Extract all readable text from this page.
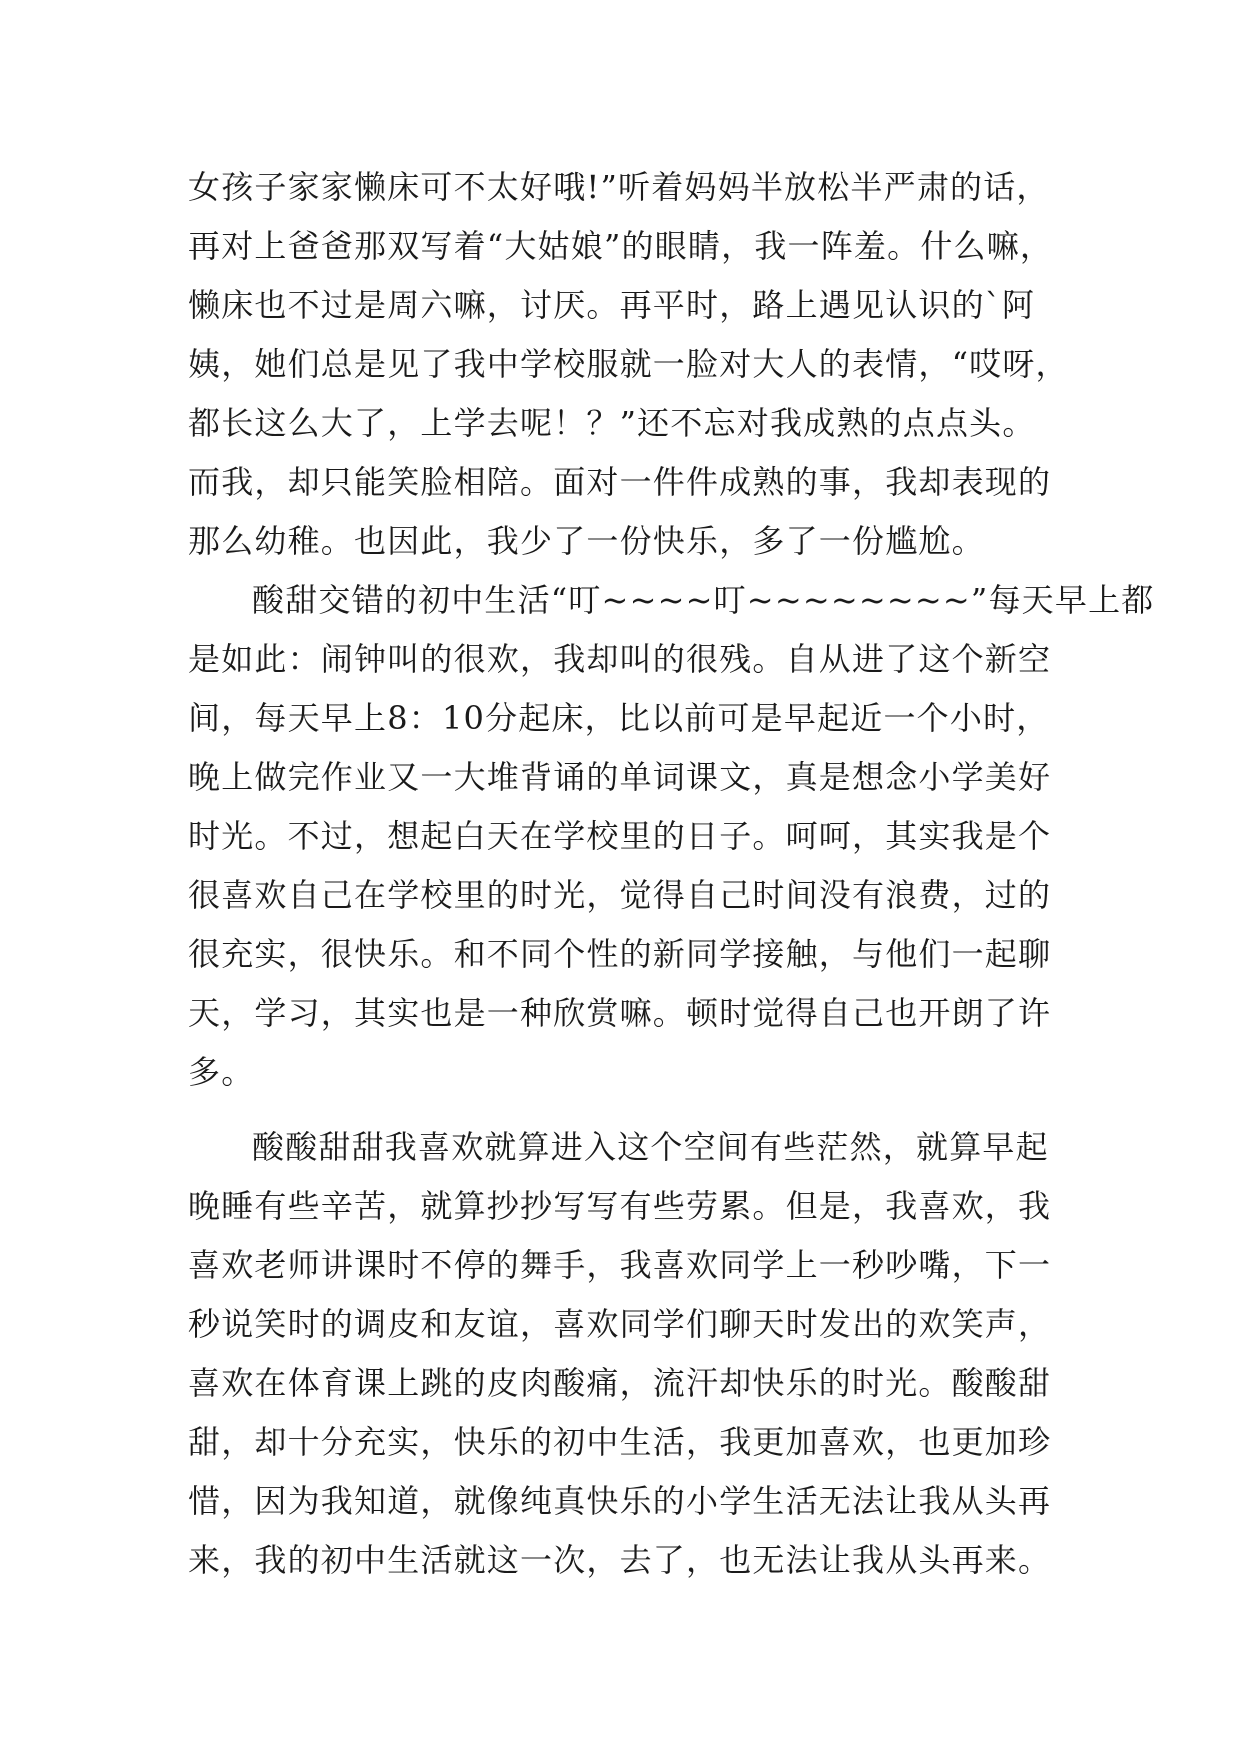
女孩子家家懒床可不太好哦!”听着妈妈半放松半严肃的话，
再对上爸爸那双写着“大姑娘”的眼睛，我一阵羞。什么嘛，
懒床也不过是周六嘛，讨厌。再平时，路上遇见认识的`阿
姨，她们总是见了我中学校服就一脸对大人的表情，“哎呀，
都长这么大了，上学去呢！？”还不忘对我成熟的点点头。
而我，却只能笑脸相陪。面对一件件成熟的事，我却表现的
那么幼稚。也因此，我少了一份快乐，多了一份尴尬。
酸甜交错的初中生活“叮~~~~叮~~~~~~~~”每天早上都
是如此：闹钟叫的很欢，我却叫的很残。自从进了这个新空
间，每天早上8：10分起床，比以前可是早起近一个小时，
晚上做完作业又一大堆背诵的单词课文，真是想念小学美好
时光。不过，想起白天在学校里的日子。呵呵，其实我是个
很喜欢自己在学校里的时光，觉得自己时间没有浪费，过的
很充实，很快乐。和不同个性的新同学接触，与他们一起聊
天，学习，其实也是一种欣赏嘛。顿时觉得自己也开朗了许
多。
酸酸甜甜我喜欢就算进入这个空间有些茫然，就算早起
晚睡有些辛苦，就算抄抄写写有些劳累。但是，我喜欢，我
喜欢老师讲课时不停的舞手，我喜欢同学上一秒吵嘴，下一
秒说笑时的调皮和友谊，喜欢同学们聊天时发出的欢笑声，
喜欢在体育课上跳的皮肉酸痛，流汗却快乐的时光。酸酸甜
甜，却十分充实，快乐的初中生活，我更加喜欢，也更加珍
惜，因为我知道，就像纯真快乐的小学生活无法让我从头再
来，我的初中生活就这一次，去了，也无法让我从头再来。
